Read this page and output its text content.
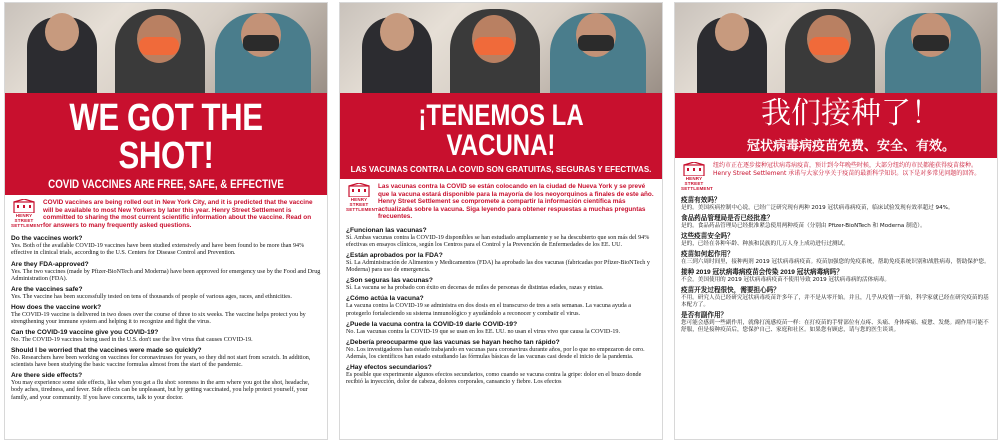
WE GOT THE SHOT!
COVID VACCINES ARE FREE, SAFE, & EFFECTIVE
HENRY STREET
SETTLEMENT
COVID vaccines are being rolled out in New York City, and it is predicted that the vaccine will be available to most New Yorkers by later this year. Henry Street Settlement is committed to sharing the most current scientific information about the vaccine. Read on for answers to many frequently asked questions.
Do the vaccines work?
Yes. Both of the available COVID-19 vaccines have been studied extensively and have been found to be more than 94% effective in clinical trials, according to the U.S. Centers for Disease Control and Prevention.
Are they FDA-approved?
Yes. The two vaccines (made by Pfizer-BioNTech and Moderna) have been approved for emergency use by the Food and Drug Administration (FDA).
Are the vaccines safe?
Yes. The vaccine has been successfully tested on tens of thousands of people of various ages, races, and ethnicities.
How does the vaccine work?
The COVID-19 vaccine is delivered in two doses over the course of three to six weeks. The vaccine helps protect you by strengthening your immune system and helping it to recognize and fight the virus.
Can the COVID-19 vaccine give you COVID-19?
No. The COVID-19 vaccines being used in the U.S. don't use the live virus that causes COVID-19.
Should I be worried that the vaccines were made so quickly?
No. Researchers have been working on vaccines for coronaviruses for years, so they did not start from scratch. In addition, scientists have been studying the basic vaccine formulas almost from the start of the pandemic.
Are there side effects?
You may experience some side effects, like when you get a flu shot: soreness in the arm where you got the shot, headache, body aches, tiredness, and fever. Side effects can be unpleasant, but by getting vaccinated, you help protect yourself, your family, and your community. If you have concerns, talk to your doctor.
¡TENEMOS LA VACUNA!
LAS VACUNAS CONTRA LA COVID SON GRATUITAS, SEGURAS Y EFECTIVAS.
HENRY STREET
SETTLEMENT
Las vacunas contra la COVID se están colocando en la ciudad de Nueva York y se prevé que la vacuna estará disponible para la mayoría de los neoyorquinos a finales de este año. Henry Street Settlement se compromete a compartir la información científica más actualizada sobre la vacuna. Siga leyendo para obtener respuestas a muchas preguntas frecuentes.
¿Funcionan las vacunas?
Sí. Ambas vacunas contra la COVID-19 disponibles se han estudiado ampliamente y se ha descubierto que son más del 94% efectivas en ensayos clínicos, según los Centros para el Control y la Prevención de Enfermedades de los EE. UU.
¿Están aprobados por la FDA?
Sí. La Administración de Alimentos y Medicamentos (FDA) ha aprobado las dos vacunas (fabricadas por Pfizer-BioNTech y Moderna) para uso de emergencia.
¿Son seguras las vacunas?
Sí. La vacuna se ha probado con éxito en decenas de miles de personas de distintas edades, razas y etnias.
¿Cómo actúa la vacuna?
La vacuna contra la COVID-19 se administra en dos dosis en el transcurso de tres a seis semanas. La vacuna ayuda a protegerlo fortaleciendo su sistema inmunológico y ayudándolo a reconocer y combatir el virus.
¿Puede la vacuna contra la COVID-19 darle COVID-19?
No. Las vacunas contra la COVID-19 que se usan en los EE. UU. no usan el virus vivo que causa la COVID-19.
¿Debería preocuparme que las vacunas se hayan hecho tan rápido?
No. Los investigadores han estado trabajando en vacunas para coronavirus durante años, por lo que no empezaron de cero. Además, los científicos han estado estudiando las fórmulas básicas de las vacunas casi desde el inicio de la pandemia.
¿Hay efectos secundarios?
Es posible que experimente algunos efectos secundarios, como cuando se vacuna contra la gripe: dolor en el brazo donde recibió la inyección, dolor de cabeza, dolores corporales, cansancio y fiebre. Los efectos
我们接种了！
冠状病毒病疫苗免费、安全、有效。
HENRY STREET
SETTLEMENT
纽约市正在逐步接种冠状病毒病疫苗，预计到今年晚些时候，大部分纽约的市民都能获得疫苗接种。Henry Street Settlement 承诺与大家分享关于疫苗的最新科学知识。以下是对多常见问题的回答。
疫苗有效吗？
是的。美国疾病控制中心说，已经广泛研究现有两种 2019 冠状病毒病疫苗，临床试验发现有效率超过 94%。
食品药品管理局是否已经批准？
是的。食品药品管理局已经批准紧急使用两种疫苗（分别由 Pfizer-BioNTech 和 Moderna 制造）。
这些疫苗安全吗？
是的，已经在各种年龄、种族和民族的几万人身上成功进行过测试。
疫苗如何起作用？
在三到六周时间里，接种两剂 2019 冠状病毒病疫苗。疫苗加强您的免疫系统，帮助免疫系统识别和战胜病毒，帮助保护您。
接种 2019 冠状病毒病疫苗会传染 2019 冠状病毒病吗？
不会。美国使用的 2019 冠状病毒病疫苗不使用导致 2019 冠状病毒病的活体病毒。
疫苗开发过程很快，需要担心吗？
不用。研究人员已经研究冠状病毒疫苗许多年了，并不是从零开始。并且，几乎从疫情一开始，科学家就已经在研究疫苗的基本配方了。
是否有副作用？
您可能会感到一些副作用，就像打流感疫苗一样：在打疫苗的手臂部位有点疼、头痛、身体疼痛、疲惫、发烧。副作用可能不舒服，但是接种疫苗后，您保护自己、家庭和社区。如果您有顾虑，请与您的医生谈谈。
